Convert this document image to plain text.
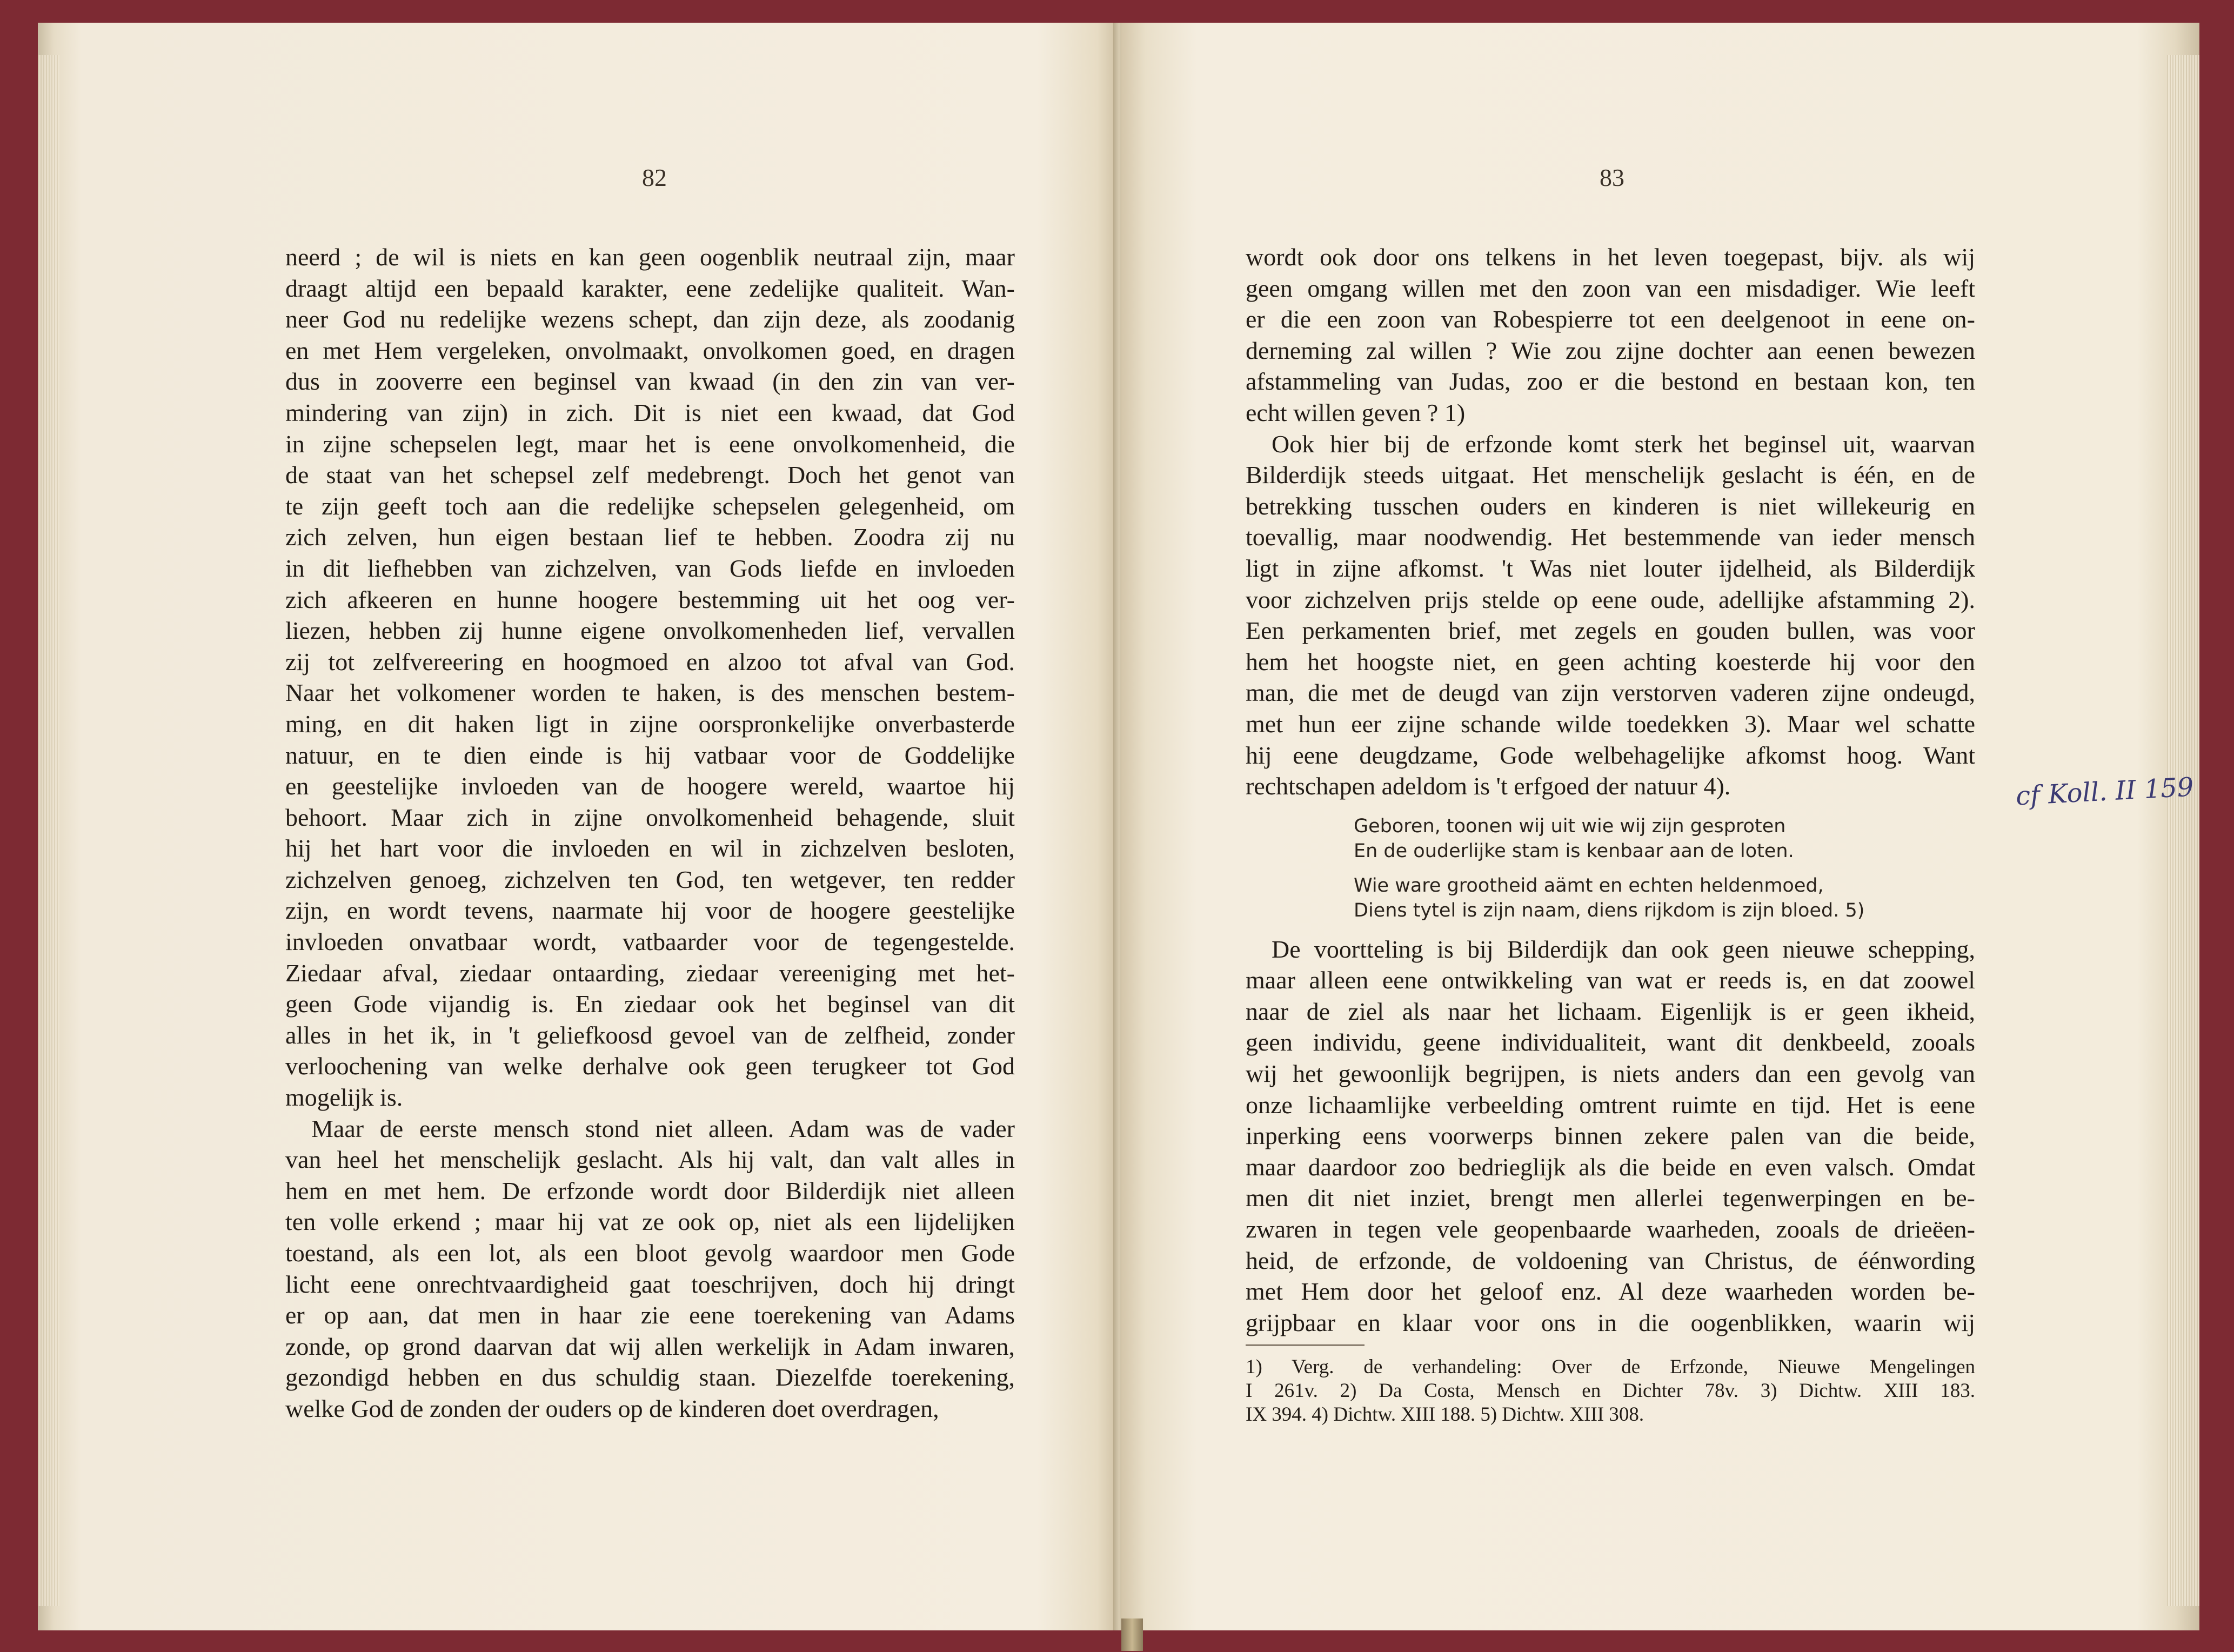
82
neerd ; de wil is niets en kan geen oogenblik neutraal zijn, maar
draagt altijd een bepaald karakter, eene zedelijke qualiteit. Wan-
neer God nu redelijke wezens schept, dan zijn deze, als zoodanig
en met Hem vergeleken, onvolmaakt, onvolkomen goed, en dragen
dus in zooverre een beginsel van kwaad (in den zin van ver-
mindering van zijn) in zich. Dit is niet een kwaad, dat God
in zijne schepselen legt, maar het is eene onvolkomenheid, die
de staat van het schepsel zelf medebrengt. Doch het genot van
te zijn geeft toch aan die redelijke schepselen gelegenheid, om
zich zelven, hun eigen bestaan lief te hebben. Zoodra zij nu
in dit liefhebben van zichzelven, van Gods liefde en invloeden
zich afkeeren en hunne hoogere bestemming uit het oog ver-
liezen, hebben zij hunne eigene onvolkomenheden lief, vervallen
zij tot zelfvereering en hoogmoed en alzoo tot afval van God.
Naar het volkomener worden te haken, is des menschen bestem-
ming, en dit haken ligt in zijne oorspronkelijke onverbasterde
natuur, en te dien einde is hij vatbaar voor de Goddelijke
en geestelijke invloeden van de hoogere wereld, waartoe hij
behoort. Maar zich in zijne onvolkomenheid behagende, sluit
hij het hart voor die invloeden en wil in zichzelven besloten,
zichzelven genoeg, zichzelven ten God, ten wetgever, ten redder
zijn, en wordt tevens, naarmate hij voor de hoogere geestelijke
invloeden onvatbaar wordt, vatbaarder voor de tegengestelde.
Ziedaar afval, ziedaar ontaarding, ziedaar vereeniging met het-
geen Gode vijandig is. En ziedaar ook het beginsel van dit
alles in het ik, in 't geliefkoosd gevoel van de zelfheid, zonder
verloochening van welke derhalve ook geen terugkeer tot God
mogelijk is.
Maar de eerste mensch stond niet alleen. Adam was de vader
van heel het menschelijk geslacht. Als hij valt, dan valt alles in
hem en met hem. De erfzonde wordt door Bilderdijk niet alleen
ten volle erkend ; maar hij vat ze ook op, niet als een lijdelijken
toestand, als een lot, als een bloot gevolg waardoor men Gode
licht eene onrechtvaardigheid gaat toeschrijven, doch hij dringt
er op aan, dat men in haar zie eene toerekening van Adams
zonde, op grond daarvan dat wij allen werkelijk in Adam inwaren,
gezondigd hebben en dus schuldig staan. Diezelfde toerekening,
welke God de zonden der ouders op de kinderen doet overdragen,
83
wordt ook door ons telkens in het leven toegepast, bijv. als wij
geen omgang willen met den zoon van een misdadiger. Wie leeft
er die een zoon van Robespierre tot een deelgenoot in eene on-
derneming zal willen ? Wie zou zijne dochter aan eenen bewezen
afstammeling van Judas, zoo er die bestond en bestaan kon, ten
echt willen geven ? 1)
Ook hier bij de erfzonde komt sterk het beginsel uit, waarvan
Bilderdijk steeds uitgaat. Het menschelijk geslacht is één, en de
betrekking tusschen ouders en kinderen is niet willekeurig en
toevallig, maar noodwendig. Het bestemmende van ieder mensch
ligt in zijne afkomst. 't Was niet louter ijdelheid, als Bilderdijk
voor zichzelven prijs stelde op eene oude, adellijke afstamming 2).
Een perkamenten brief, met zegels en gouden bullen, was voor
hem het hoogste niet, en geen achting koesterde hij voor den
man, die met de deugd van zijn verstorven vaderen zijne ondeugd,
met hun eer zijne schande wilde toedekken 3). Maar wel schatte
hij eene deugdzame, Gode welbehagelijke afkomst hoog. Want
rechtschapen adeldom is 't erfgoed der natuur 4).
Geboren, toonen wij uit wie wij zijn gesproten
En de ouderlijke stam is kenbaar aan de loten.
Wie ware grootheid aämt en echten heldenmoed,
Diens tytel is zijn naam, diens rijkdom is zijn bloed. 5)
De voortteling is bij Bilderdijk dan ook geen nieuwe schepping,
maar alleen eene ontwikkeling van wat er reeds is, en dat zoowel
naar de ziel als naar het lichaam. Eigenlijk is er geen ikheid,
geen individu, geene individualiteit, want dit denkbeeld, zooals
wij het gewoonlijk begrijpen, is niets anders dan een gevolg van
onze lichaamlijke verbeelding omtrent ruimte en tijd. Het is eene
inperking eens voorwerps binnen zekere palen van die beide,
maar daardoor zoo bedrieglijk als die beide en even valsch. Omdat
men dit niet inziet, brengt men allerlei tegenwerpingen en be-
zwaren in tegen vele geopenbaarde waarheden, zooals de drieëen-
heid, de erfzonde, de voldoening van Christus, de éénwording
met Hem door het geloof enz. Al deze waarheden worden be-
grijpbaar en klaar voor ons in die oogenblikken, waarin wij
1) Verg. de verhandeling: Over de Erfzonde, Nieuwe Mengelingen
I 261v. 2) Da Costa, Mensch en Dichter 78v. 3) Dichtw. XIII 183.
IX 394. 4) Dichtw. XIII 188. 5) Dichtw. XIII 308.
cf Koll. II 159
